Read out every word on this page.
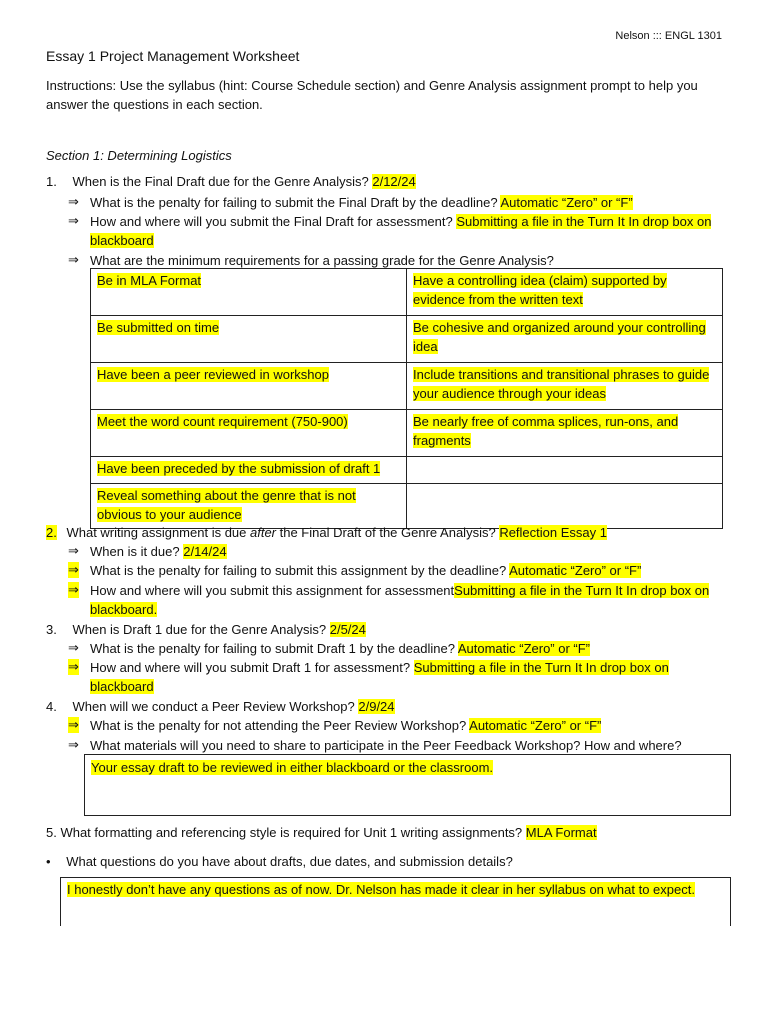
Nelson ::: ENGL 1301
Essay 1 Project Management Worksheet
Instructions: Use the syllabus (hint: Course Schedule section) and Genre Analysis assignment prompt to help you answer the questions in each section.
Section 1: Determining Logistics
1. When is the Final Draft due for the Genre Analysis? 2/12/24
⇒ What is the penalty for failing to submit the Final Draft by the deadline? Automatic “Zero” or “F”
⇒ How and where will you submit the Final Draft for assessment? Submitting a file in the Turn It In drop box on blackboard
⇒ What are the minimum requirements for a passing grade for the Genre Analysis?
Be in MLA Format	Have a controlling idea (claim) supported by evidence from the written text
Be submitted on time	Be cohesive and organized around your controlling idea
Have been a peer reviewed in workshop	Include transitions and transitional phrases to guide your audience through your ideas
Meet the word count requirement (750-900)	Be nearly free of comma splices, run-ons, and fragments
Have been preceded by the submission of draft 1	
Reveal something about the genre that is not obvious to your audience	
2. What writing assignment is due after the Final Draft of the Genre Analysis? Reflection Essay 1
⇒ When is it due? 2/14/24
⇒ What is the penalty for failing to submit this assignment by the deadline? Automatic “Zero” or “F”
⇒ How and where will you submit this assignment for assessmentSubmitting a file in the Turn It In drop box on blackboard.
3. When is Draft 1 due for the Genre Analysis? 2/5/24
⇒ What is the penalty for failing to submit Draft 1 by the deadline? Automatic “Zero” or “F”
⇒ How and where will you submit Draft 1 for assessment? Submitting a file in the Turn It In drop box on blackboard
4. When will we conduct a Peer Review Workshop? 2/9/24
⇒ What is the penalty for not attending the Peer Review Workshop? Automatic “Zero” or “F”
⇒ What materials will you need to share to participate in the Peer Feedback Workshop? How and where?
Your essay draft to be reviewed in either blackboard or the classroom.
5. What formatting and referencing style is required for Unit 1 writing assignments? MLA Format
• What questions do you have about drafts, due dates, and submission details?
I honestly don’t have any questions as of now. Dr. Nelson has made it clear in her syllabus on what to expect.
